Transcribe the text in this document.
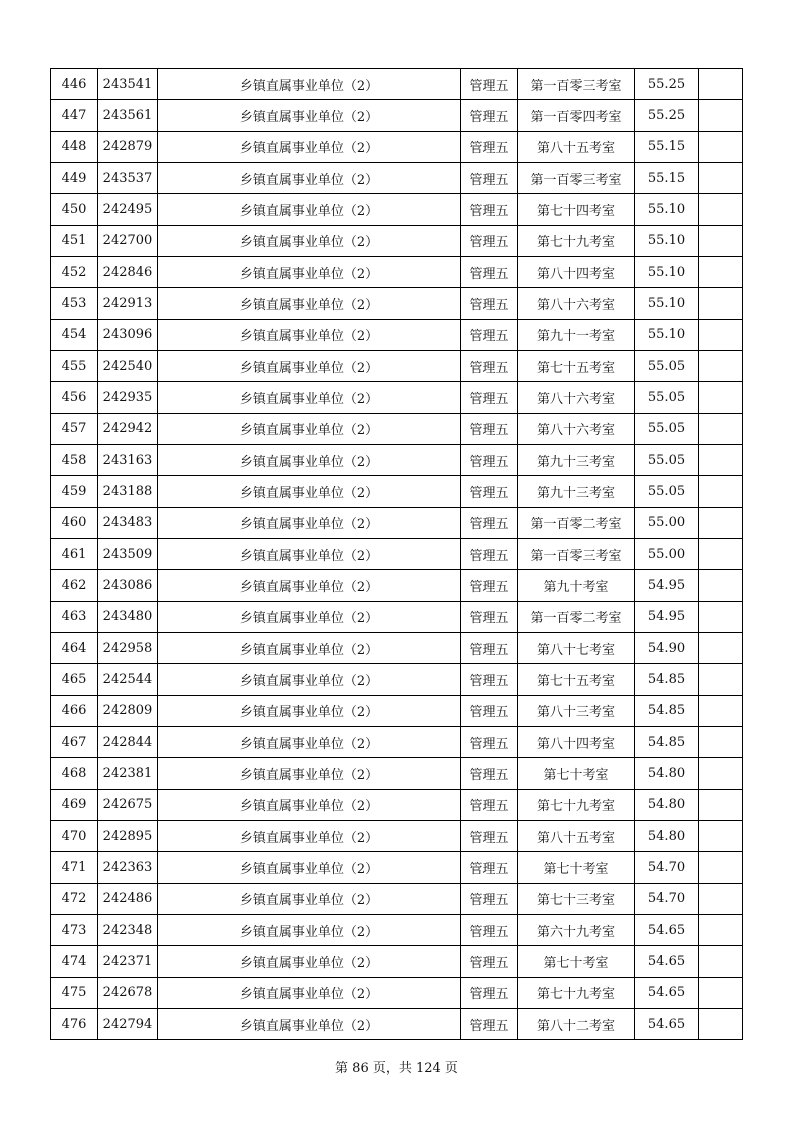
446	243541	乡镇直属事业单位（2）	管理五	第一百零三考室	55.25	
447	243561	乡镇直属事业单位（2）	管理五	第一百零四考室	55.25	
448	242879	乡镇直属事业单位（2）	管理五	第八十五考室	55.15	
449	243537	乡镇直属事业单位（2）	管理五	第一百零三考室	55.15	
450	242495	乡镇直属事业单位（2）	管理五	第七十四考室	55.10	
451	242700	乡镇直属事业单位（2）	管理五	第七十九考室	55.10	
452	242846	乡镇直属事业单位（2）	管理五	第八十四考室	55.10	
453	242913	乡镇直属事业单位（2）	管理五	第八十六考室	55.10	
454	243096	乡镇直属事业单位（2）	管理五	第九十一考室	55.10	
455	242540	乡镇直属事业单位（2）	管理五	第七十五考室	55.05	
456	242935	乡镇直属事业单位（2）	管理五	第八十六考室	55.05	
457	242942	乡镇直属事业单位（2）	管理五	第八十六考室	55.05	
458	243163	乡镇直属事业单位（2）	管理五	第九十三考室	55.05	
459	243188	乡镇直属事业单位（2）	管理五	第九十三考室	55.05	
460	243483	乡镇直属事业单位（2）	管理五	第一百零二考室	55.00	
461	243509	乡镇直属事业单位（2）	管理五	第一百零三考室	55.00	
462	243086	乡镇直属事业单位（2）	管理五	第九十考室	54.95	
463	243480	乡镇直属事业单位（2）	管理五	第一百零二考室	54.95	
464	242958	乡镇直属事业单位（2）	管理五	第八十七考室	54.90	
465	242544	乡镇直属事业单位（2）	管理五	第七十五考室	54.85	
466	242809	乡镇直属事业单位（2）	管理五	第八十三考室	54.85	
467	242844	乡镇直属事业单位（2）	管理五	第八十四考室	54.85	
468	242381	乡镇直属事业单位（2）	管理五	第七十考室	54.80	
469	242675	乡镇直属事业单位（2）	管理五	第七十九考室	54.80	
470	242895	乡镇直属事业单位（2）	管理五	第八十五考室	54.80	
471	242363	乡镇直属事业单位（2）	管理五	第七十考室	54.70	
472	242486	乡镇直属事业单位（2）	管理五	第七十三考室	54.70	
473	242348	乡镇直属事业单位（2）	管理五	第六十九考室	54.65	
474	242371	乡镇直属事业单位（2）	管理五	第七十考室	54.65	
475	242678	乡镇直属事业单位（2）	管理五	第七十九考室	54.65	
476	242794	乡镇直属事业单位（2）	管理五	第八十二考室	54.65	
第 86 页，共 124 页
